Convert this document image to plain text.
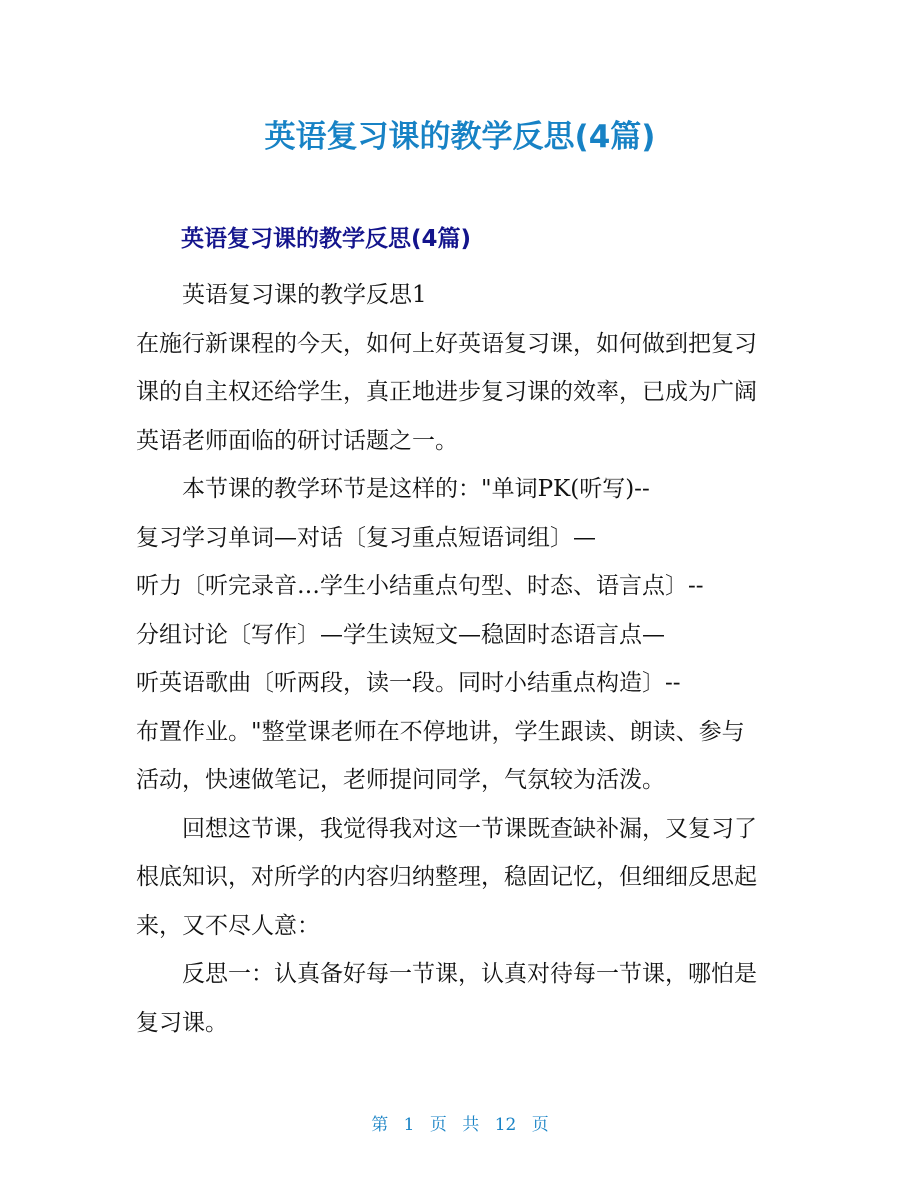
英语复习课的教学反思(4篇)
英语复习课的教学反思(4篇)
英语复习课的教学反思1
在施行新课程的今天，如何上好英语复习课，如何做到把复习
课的自主权还给学生，真正地进步复习课的效率，已成为广阔
英语老师面临的研讨话题之一。
本节课的教学环节是这样的："单词PK(听写)--
复习学习单词—对话〔复习重点短语词组〕—
听力〔听完录音…学生小结重点句型、时态、语言点〕--
分组讨论〔写作〕—学生读短文—稳固时态语言点—
听英语歌曲〔听两段，读一段。同时小结重点构造〕--
布置作业。"整堂课老师在不停地讲，学生跟读、朗读、参与
活动，快速做笔记，老师提问同学，气氛较为活泼。
回想这节课，我觉得我对这一节课既查缺补漏，又复习了
根底知识，对所学的内容归纳整理，稳固记忆，但细细反思起
来，又不尽人意：
反思一：认真备好每一节课，认真对待每一节课，哪怕是
复习课。
第 1 页 共 12 页
